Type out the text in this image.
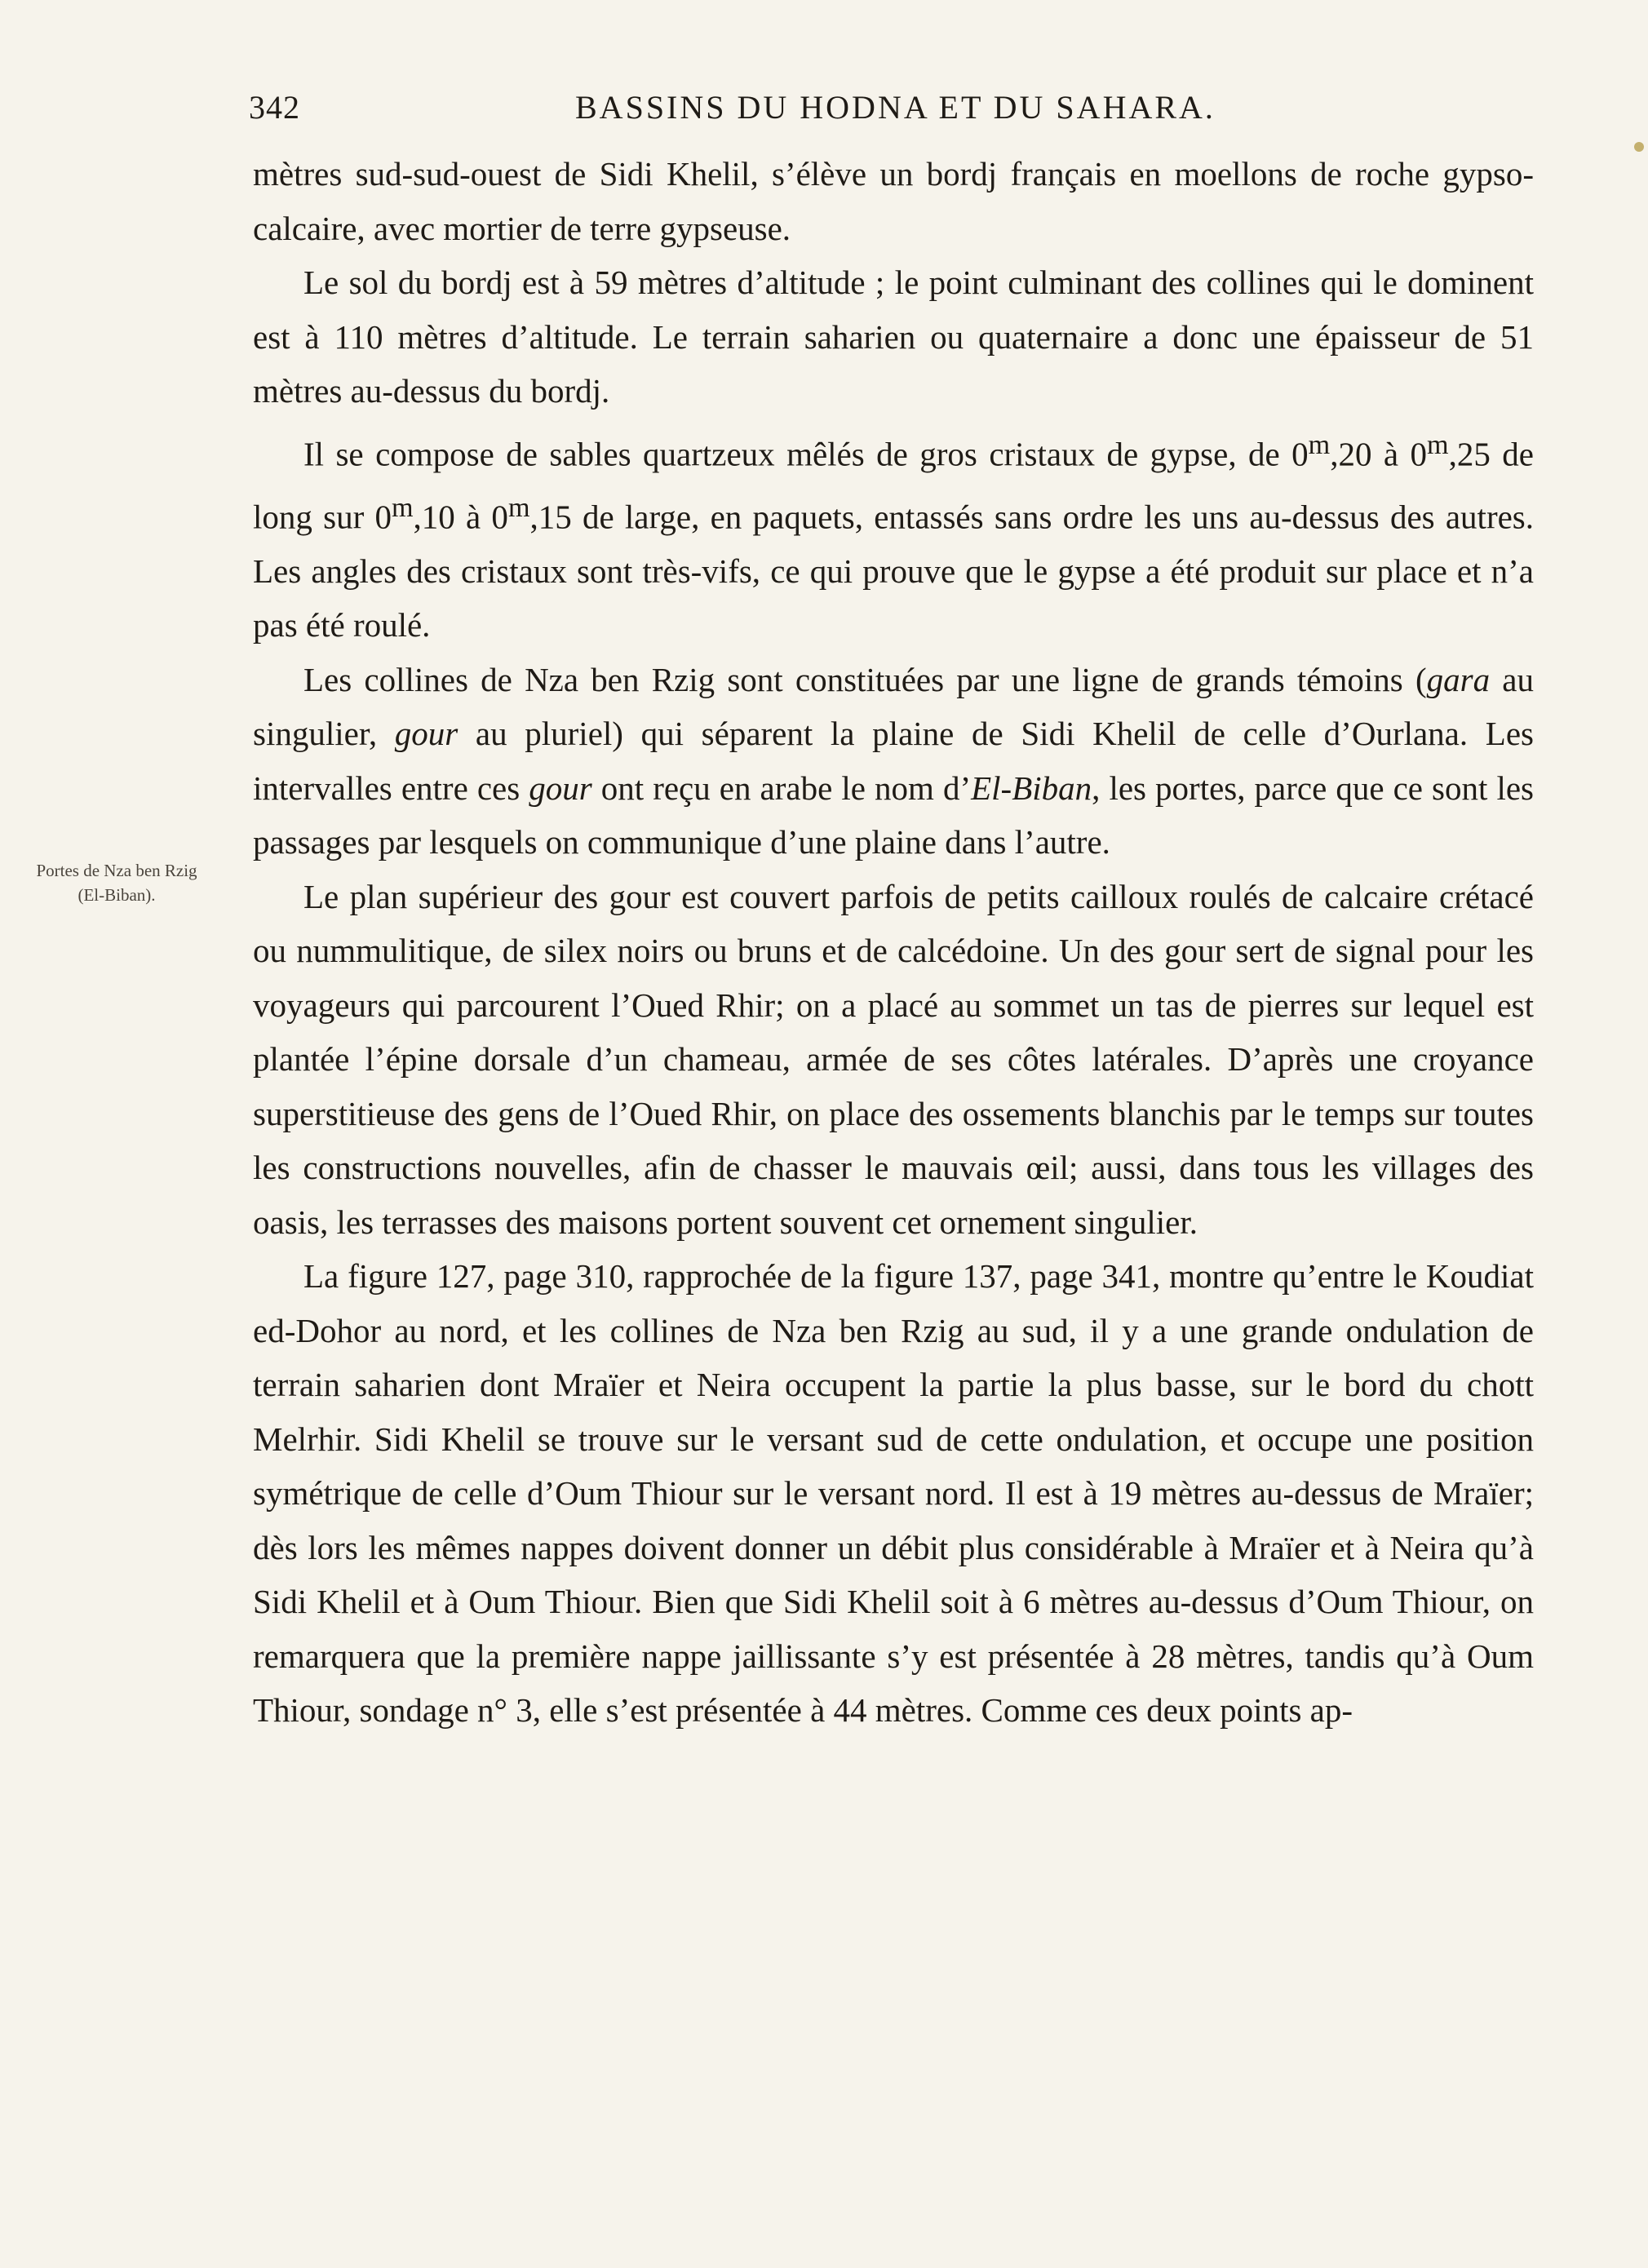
342	BASSINS DU HODNA ET DU SAHARA.
Portes de Nza ben Rzig
(El-Biban).

mètres sud-sud-ouest de Sidi Khelil, s’élève un bordj français en moellons de roche gypso-calcaire, avec mortier de terre gypseuse.

Le sol du bordj est à 59 mètres d’altitude ; le point culminant des collines qui le dominent est à 110 mètres d’altitude. Le terrain saharien ou quaternaire a donc une épaisseur de 51 mètres au-dessus du bordj.

Il se compose de sables quartzeux mêlés de gros cristaux de gypse, de 0$^m$,20 à 0$^m$,25 de long sur 0$^m$,10 à 0$^m$,15 de large, en paquets, entassés sans ordre les uns au-dessus des autres. Les angles des cristaux sont très-vifs, ce qui prouve que le gypse a été produit sur place et n’a pas été roulé.

Les collines de Nza ben Rzig sont constituées par une ligne de grands témoins (gara au singulier, gour au pluriel) qui séparent la plaine de Sidi Khelil de celle d’Ourlana. Les intervalles entre ces gour ont reçu en arabe le nom d’El-Biban, les portes, parce que ce sont les passages par lesquels on communique d’une plaine dans l’autre.

Le plan supérieur des gour est couvert parfois de petits cailloux roulés de calcaire crétacé ou nummulitique, de silex noirs ou bruns et de calcédoine. Un des gour sert de signal pour les voyageurs qui parcourent l’Oued Rhir; on a placé au sommet un tas de pierres sur lequel est plantée l’épine dorsale d’un chameau, armée de ses côtes latérales. D’après une croyance superstitieuse des gens de l’Oued Rhir, on place des ossements blanchis par le temps sur toutes les constructions nouvelles, afin de chasser le mauvais œil; aussi, dans tous les villages des oasis, les terrasses des maisons portent souvent cet ornement singulier.

La figure 127, page 310, rapprochée de la figure 137, page 341, montre qu’entre le Koudiat ed-Dohor au nord, et les collines de Nza ben Rzig au sud, il y a une grande ondulation de terrain saharien dont Mraïer et Neira occupent la partie la plus basse, sur le bord du chott Melrhir. Sidi Khelil se trouve sur le versant sud de cette ondulation, et occupe une position symétrique de celle d’Oum Thiour sur le versant nord. Il est à 19 mètres au-dessus de Mraïer; dès lors les mêmes nappes doivent donner un débit plus considérable à Mraïer et à Neira qu’à Sidi Khelil et à Oum Thiour. Bien que Sidi Khelil soit à 6 mètres au-dessus d’Oum Thiour, on remarquera que la première nappe jaillissante s’y est présentée à 28 mètres, tandis qu’à Oum Thiour, sondage n° 3, elle s’est présentée à 44 mètres. Comme ces deux points ap-
